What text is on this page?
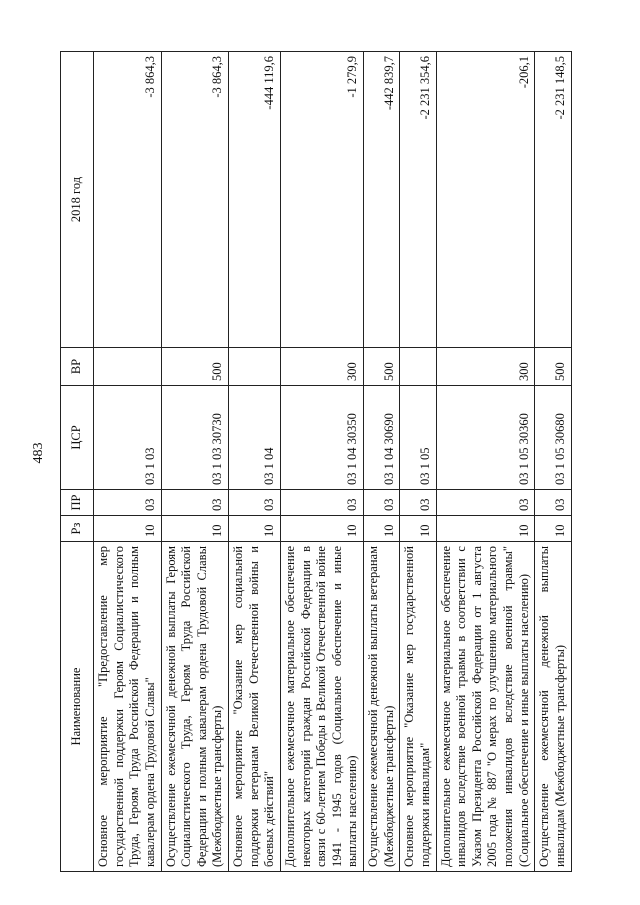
483
Наименование	Рз	ПР	ЦСР	ВР	2018 год
Основное мероприятие "Предоставление мер государственной поддержки Героям Социалистического Труда, Героям Труда Российской Федерации и полным кавалерам ордена Трудовой Славы"	10	03	03 1 03		-3 864,3
Осуществление ежемесячной денежной выплаты Героям Социалистического Труда, Героям Труда Российской Федерации и полным кавалерам ордена Трудовой Славы (Межбюджетные трансферты)	10	03	03 1 03 30730	500	-3 864,3
Основное мероприятие "Оказание мер социальной поддержки ветеранам Великой Отечественной войны и боевых действий"	10	03	03 1 04		-444 119,6
Дополнительное ежемесячное материальное обеспечение некоторых категорий граждан Российской Федерации в связи с 60-летием Победы в Великой Отечественной войне 1941 - 1945 годов (Социальное обеспечение и иные выплаты населению)	10	03	03 1 04 30350	300	-1 279,9
Осуществление ежемесячной денежной выплаты ветеранам (Межбюджетные трансферты)	10	03	03 1 04 30690	500	-442 839,7
Основное мероприятие "Оказание мер государственной поддержки инвалидам"	10	03	03 1 05		-2 231 354,6
Дополнительное ежемесячное материальное обеспечение инвалидов вследствие военной травмы в соответствии с Указом Президента Российской Федерации от 1 августа 2005 года № 887 "О мерах по улучшению материального положения инвалидов вследствие военной травмы" (Социальное обеспечение и иные выплаты населению)	10	03	03 1 05 30360	300	-206,1
Осуществление ежемесячной денежной выплаты инвалидам (Межбюджетные трансферты)	10	03	03 1 05 30680	500	-2 231 148,5
